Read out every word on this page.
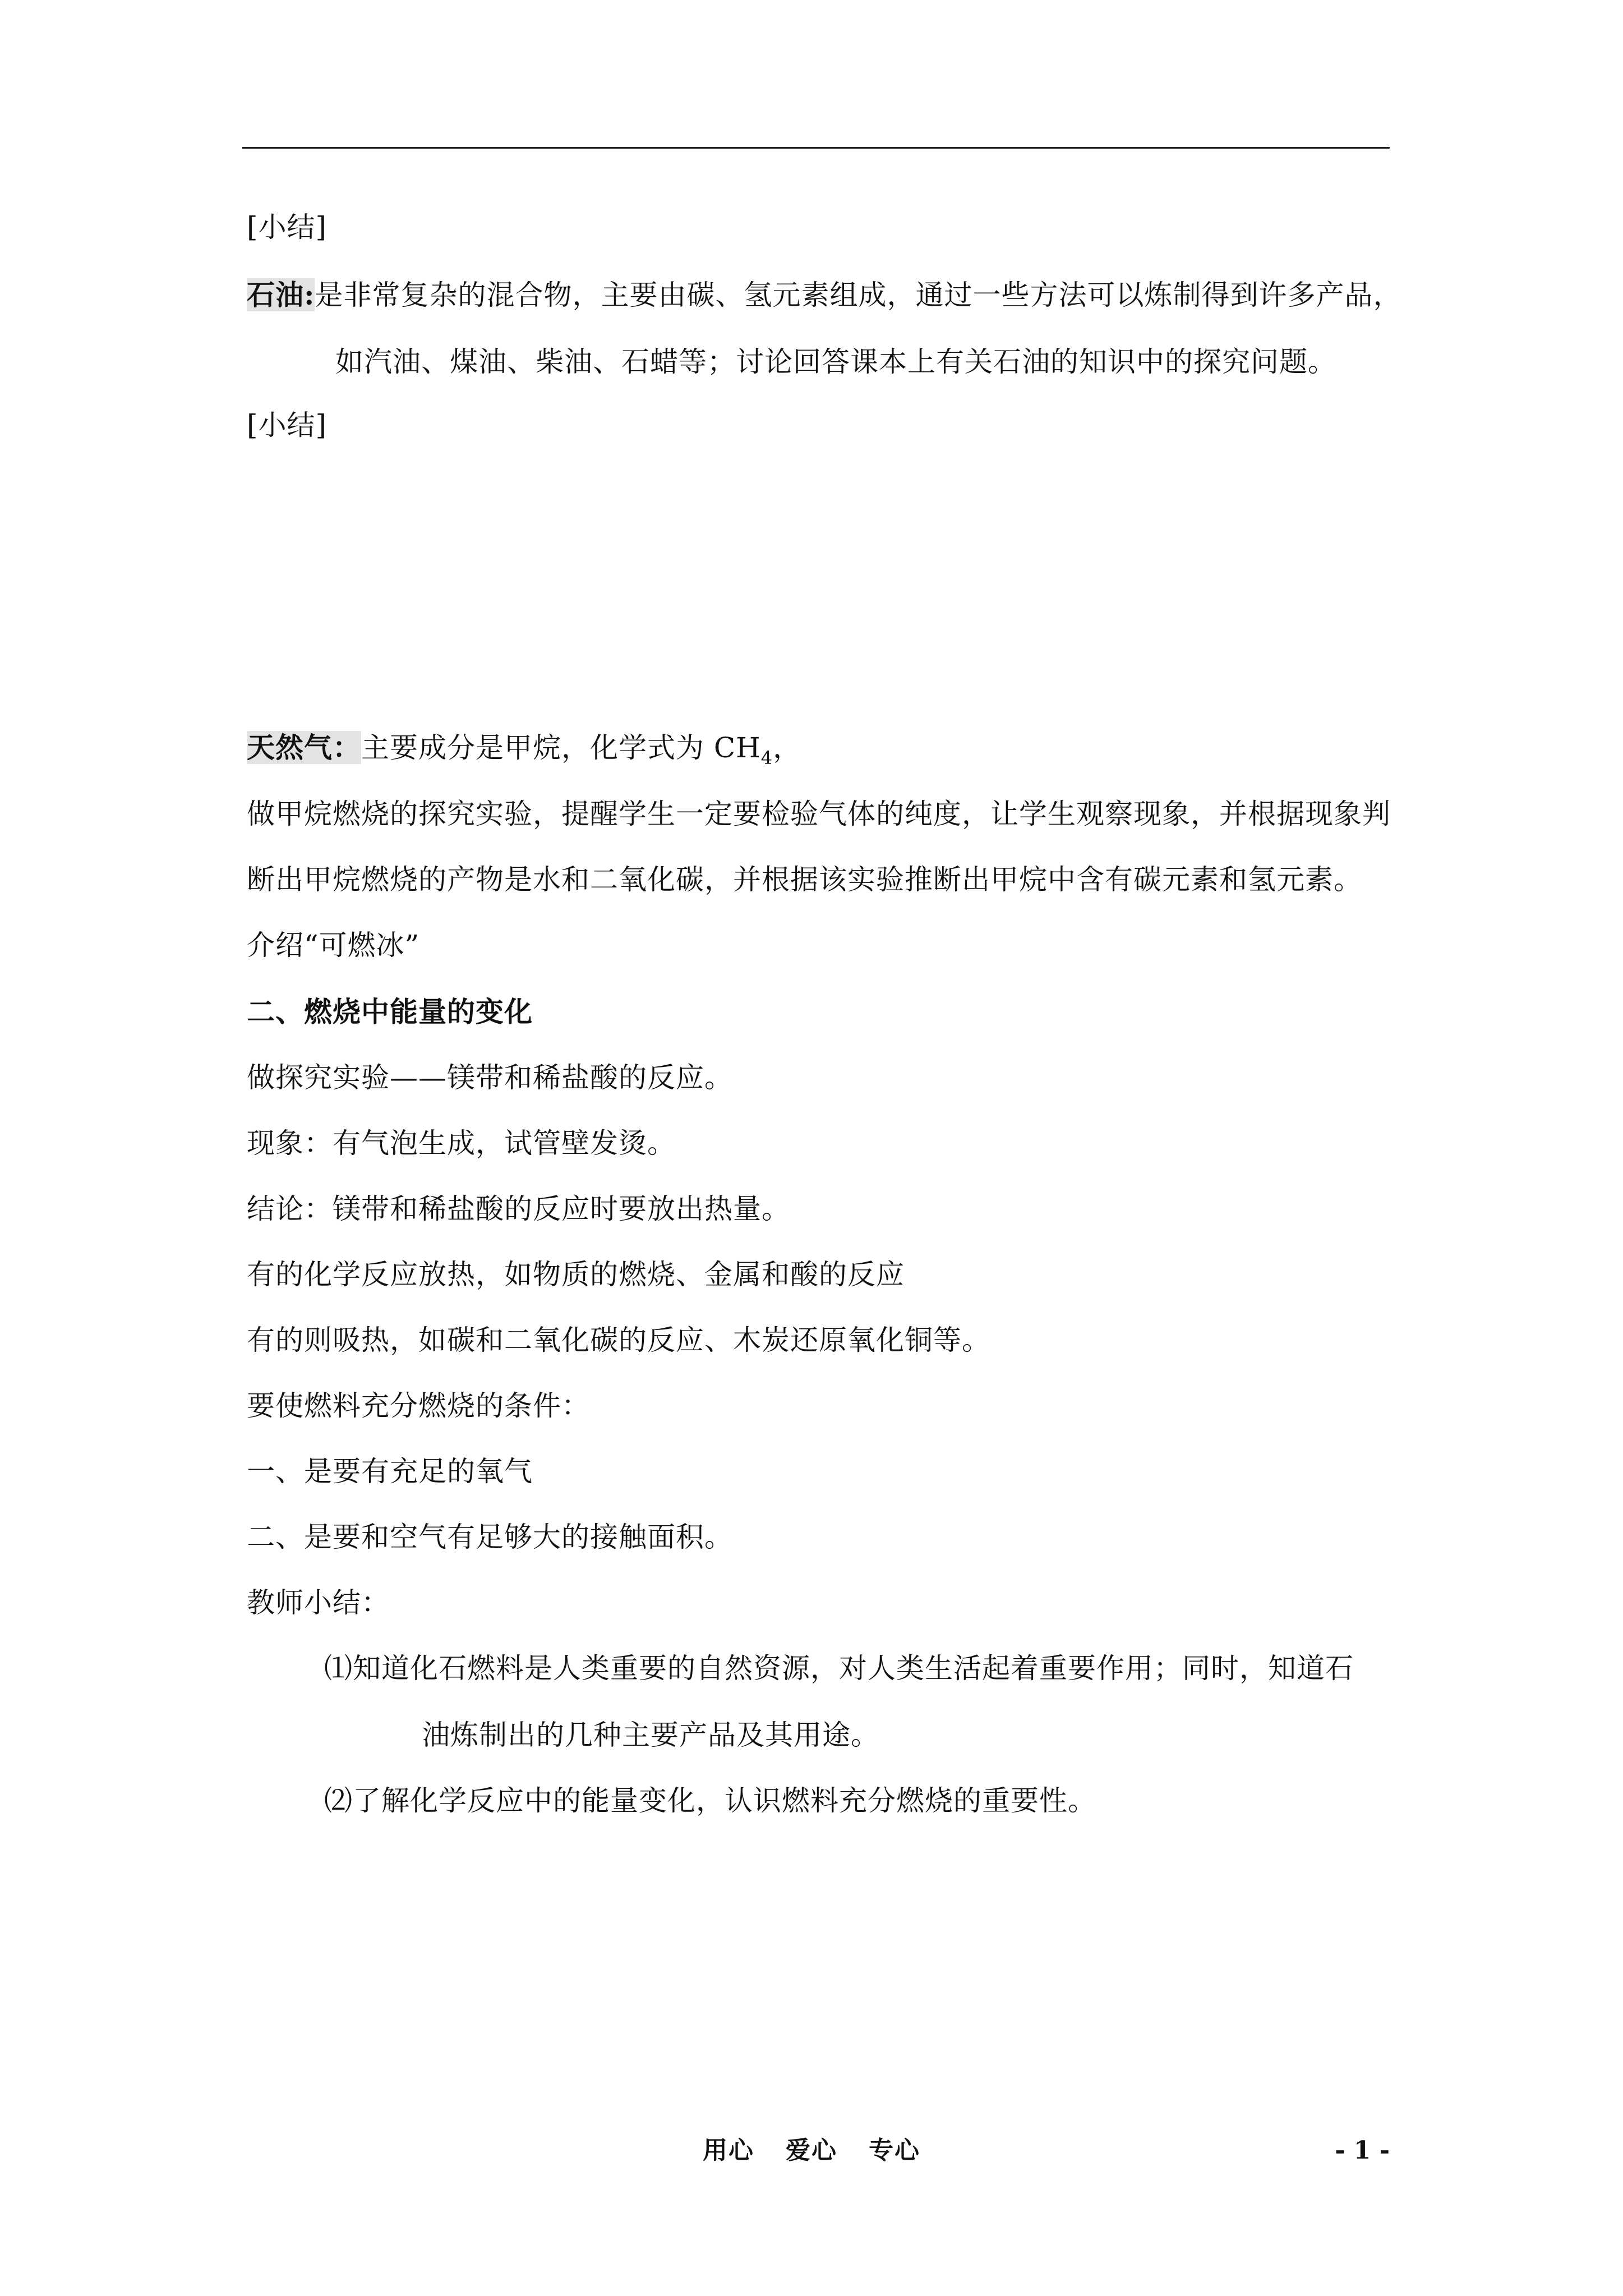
[小结]
石油:是非常复杂的混合物，主要由碳、氢元素组成，通过一些方法可以炼制得到许多产品，
如汽油、煤油、柴油、石蜡等；讨论回答课本上有关石油的知识中的探究问题。
[小结]
天然气：主要成分是甲烷，化学式为 $CH_4$，
做甲烷燃烧的探究实验，提醒学生一定要检验气体的纯度，让学生观察现象，并根据现象判
断出甲烷燃烧的产物是水和二氧化碳，并根据该实验推断出甲烷中含有碳元素和氢元素。
介绍“可燃冰”
二、燃烧中能量的变化
做探究实验——镁带和稀盐酸的反应。
现象：有气泡生成，试管壁发烫。
结论：镁带和稀盐酸的反应时要放出热量。
有的化学反应放热，如物质的燃烧、金属和酸的反应
有的则吸热，如碳和二氧化碳的反应、木炭还原氧化铜等。
要使燃料充分燃烧的条件：
一、是要有充足的氧气
二、是要和空气有足够大的接触面积。
教师小结：
⑴知道化石燃料是人类重要的自然资源，对人类生活起着重要作用；同时，知道石
油炼制出的几种主要产品及其用途。
⑵了解化学反应中的能量变化，认识燃料充分燃烧的重要性。
用心 爱心 专心	- 1 -
